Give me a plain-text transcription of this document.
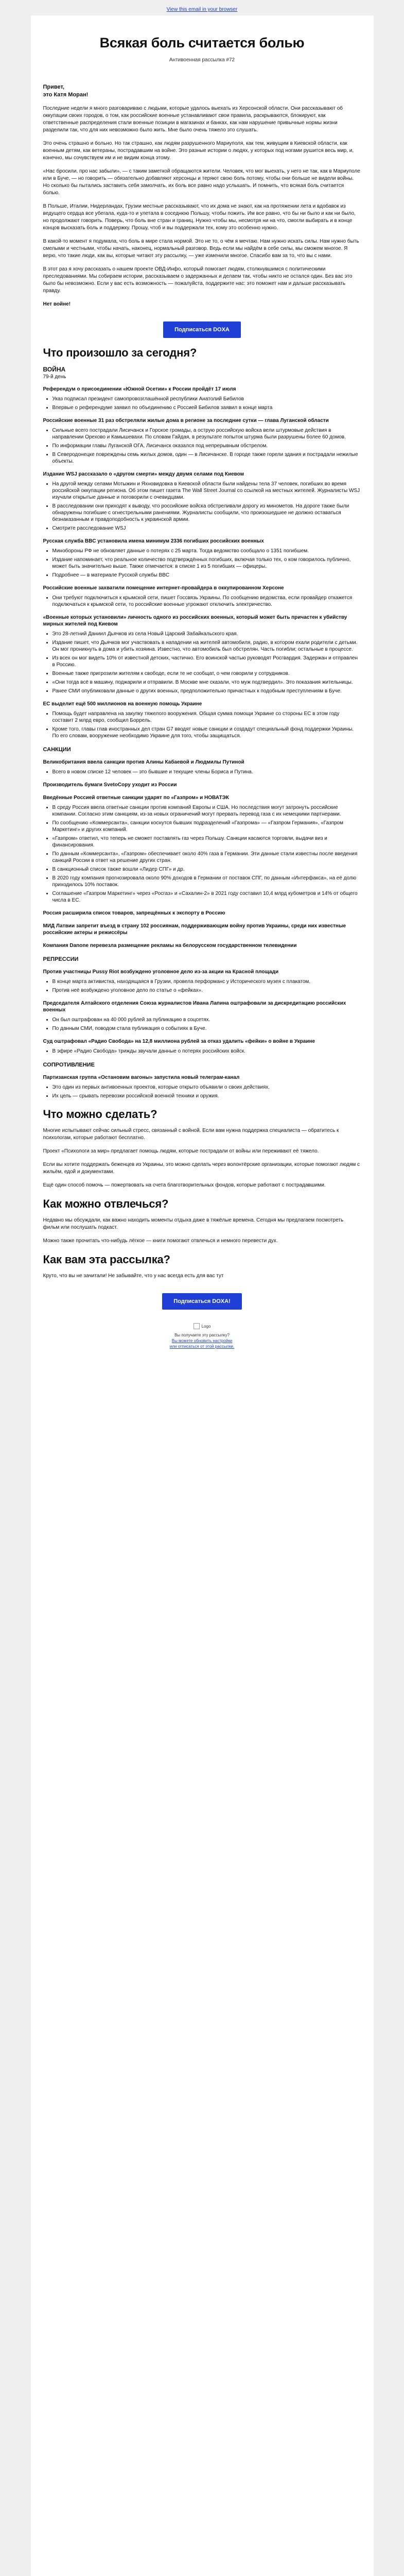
View this email in your browser
Всякая боль считается болью
Антивоенная рассылка #72

Привет,

это Катя Моран!

Последние недели я много разговариваю с людьми, которые удалось выехать из Херсонской области. Они рассказывают об оккупации своих городов, о том, как российские военные устанавливают свои правила, раскрываются, блокируют, как ответственные распределения стали военные позиции в магазинах и банках, как нам нарушение привычные нормы жизни разделили так, что для них невозможно было жить. Мне было очень тяжело это слушать.

Это очень страшно и больно. Но так страшно, как людям разрушенного Мариуполя, как тем, живущим в Киевской области, как военным детям, как ветераны, пострадавшим на войне. Это разные истории о людях, у которых под ногами рушится весь мир, и, конечно, мы сочувствуем им и не видим конца этому.

«Нас бросили, про нас забыли», — с таким заметкой обращаются жители. Человек, что мог выехать, у него не так, как в Мариуполе или в Буче, — но говорить — обязательно добавляют херсонцы и теряют свою боль потому, чтобы они больше не видели войны. Но сколько бы пытались заставить себя замолчать, их боль все равно надо услышать. И помнить, что всякая боль считается болью.

В Польше, Италии, Нидерландах, Грузии местные рассказывают, что их дома не знают, как на протяжении лета и вдобавок из ведущего сердца все убегала, куда-то и улетала в соседнюю Польшу, чтобы пожить. Им все равно, что бы ни было и как ни было, но продолжают говорить. Поверь, что боль вне стран и границ. Нужно чтобы мы, несмотря ни на что, смогли выбирать и в конце концов высказать боль и поддержку. Прошу, чтоб и вы поддержали тех, кому это особенно нужно.

В какой-то момент я подумала, что боль в мире стала нормой. Это не то, о чём я мечтаю. Нам нужно искать силы. Нам нужно быть смелыми и честными, чтобы начать, наконец, нормальный разговор. Ведь если мы найдём в себе силы, мы сможем многое. Я верю, что такие люди, как вы, которые читают эту рассылку, — уже изменили многое. Спасибо вам за то, что вы с нами.

В этот раз я хочу рассказать о нашем проекте ОВД-Инфо, который помогает людям, столкнувшимся с политическими преследованиями. Мы собираем истории, рассказываем о задержанных и делаем так, чтобы никто не остался один. Без вас это было бы невозможно. Если у вас есть возможность — пожалуйста, поддержите нас: это поможет нам и дальше рассказывать правду.

Нет войне!

Подписаться DOXA
Что произошло за сегодня?
ВОЙНА
79-й день
Референдум о присоединении «Южной Осетии» к России пройдёт 17 июля
• Указ подписал президент самопровозглашённой республики Анатолий Бибилов
• Впервые о референдуме заявил по объединению с Россией Бибилов заявил в конце марта
Российские военные 31 раз обстреляли жилые дома в регионе за последние сутки — глава Луганской области
• Сильные всего пострадали Лисичанск и Горское громады, а острую российскую войска вели штурмовые действия в направлении Орехово и Камышевахи. По словам Гайдая, в результате попыток штурма были разрушены более 60 домов.
• По информации главы Луганской ОГА, Лисичанск оказался под непрерывным обстрелом.
• В Северодонецке повреждены семь жилых домов, один — в Лисичанске. В городе также горели здания и пострадали нежилые объекты.
Издание WSJ рассказало о «другом смерти» между двумя селами под Киевом
• На другой между селами Мотыжин и Яхновидовка в Киевской области были найдены тела 37 человек, погибших во время российской оккупации региона. Об этом пишет газета The Wall Street Journal со ссылкой на местных жителей. Журналисты WSJ изучали открытые данные и поговорили с очевидцами.
• В расследовании они приходят к выводу, что российские войска обстреливали дорогу из минометов. На дороге также были обнаружены погибшие с огнестрельными ранениями. Журналисты сообщили, что произошедшее не должно оставаться безнаказанным и правдоподобность к украинской армии.
• Смотрите расследование WSJ
Русская служба BBC установила имена минимум 2336 погибших российских военных
• Минобороны РФ не обновляет данные о потерях с 25 марта. Тогда ведомство сообщало о 1351 погибшем.
• Издание напоминает, что реальное количество подтверждённых погибших, включая только тех, о ком говорилось публично, может быть значительно выше. Также отмечается: в списке 1 из 5 погибших — офицеры.
• Подробнее — в материале Русской службы BBC
Российские военные захватили помещение интернет-провайдера в оккупированном Херсоне
• Они требуют подключиться к крымской сети, пишет Госсвязь Украины. По сообщению ведомства, если провайдер откажется подключаться к крымской сети, то российские военные угрожают отключить электричество.
«Военные которых установили» личность одного из российских военных, который может быть причастен к убийству мирных жителей под Киевом
• Это 28-летний Даниил Дьячков из села Новый Царский Забайкальского края.
• Издание пишет, что Дьячков мог участвовать в нападении на жителей автомобиля, радио, в котором ехали родители с детьми. Он мог проникнуть в дома и убить хозяина. Известно, что автомобиль был обстрелян. Часть погибли; остальные в процессе.
• Из всех он мог видеть 10% от известной детских, частично. Его воинской частью руководят Росгвардия. Задержан и отправлен в Россию.
• Военные также пригрозили жителям к свободе, если те не сообщат, о чем говорили у сотрудников.
• «Они тогда всё в машину, поджарили и отправили. В Москве мне сказали, что муж подтвердил». Это показания жительницы.
• Ранее СМИ опубликовали данные о других военных, предположительно причастных к подобным преступлениям в Буче.
ЕС выделит ещё 500 миллионов на военную помощь Украине
• Помощь будет направлена на закупку тяжелого вооружения. Общая сумма помощи Украине со стороны ЕС в этом году составит 2 млрд евро, сообщил Боррель.
• Кроме того, главы глав иностранных дел стран G7 вводят новые санкции и создадут специальный фонд поддержки Украины. По его словам, вооружение необходимо Украине для того, чтобы защищаться.
САНКЦИИ
Великобритания ввела санкции против Алины Кабаевой и Людмилы Путиной
• Всего в новом списке 12 человек — это бывшие и текущие члены Бориса и Путина.
Производитель бумаги SvetoCopy уходит из России
Введённые Россией ответные санкции ударят по «Газпром» и НОВАТЭК
• В среду Россия ввела ответные санкции против компаний Европы и США. Но последствия могут затронуть российские компании. Согласно этим санкциям, из-за новых ограничений могут прервать перевод газа с их немецкими партнерами.
• По сообщению «Коммерсанта», санкции коснутся бывших подразделений «Газпрома» — «Газпром Германия», «Газпром Маркетинг» и других компаний.
• «Газпром» ответил, что теперь не сможет поставлять газ через Польшу. Санкции касаются торговли, выдачи виз и финансирования.
• По данным «Коммерсанта», «Газпром» обеспечивает около 40% газа в Германии. Эти данные стали известны после введения санкций России в ответ на решение других стран.
• В санкционный список также вошли «Лидер СПГ» и др.
• В 2020 году компания прогнозировала около 90% доходов в Германии от поставок СПГ, по данным «Интерфакса», на её долю приходилось 10% поставок.
• Соглашение «Газпром Маркетинг» через «Росгаз» и «Сахалин-2» в 2021 году составил 10,4 млрд кубометров и 14% от общего числа в ЕС.
Россия расширила список товаров, запрещённых к экспорту в Россию
МИД Латвии запретит въезд в страну 102 россиянам, поддерживающим войну против Украины, среди них известные российские актеры и режиссёры
Компания Danone перевезла размещение рекламы на белорусском государственном телевидении
РЕПРЕССИИ
Против участницы Pussy Riot возбуждено уголовное дело из-за акции на Красной площади
• В конце марта активистка, находящаяся в Грузии, провела перформанс у Исторического музея с плакатом.
• Против неё возбуждено уголовное дело по статье о «фейках».
Председателя Алтайского отделения Союза журналистов Ивана Лапина оштрафовали за дискредитацию российских военных
• Он был оштрафован на 40 000 рублей за публикацию в соцсетях.
• По данным СМИ, поводом стала публикация о событиях в Буче.
Суд оштрафовал «Радио Свобода» на 12,8 миллиона рублей за отказ удалить «фейки» о войне в Украине
• В эфире «Радио Свобода» трижды звучали данные о потерях российских войск.
СОПРОТИВЛЕНИЕ
Партизанская группа «Остановим вагоны» запустила новый телеграм-канал
• Это один из первых антивоенных проектов, которые открыто объявили о своих действиях.
• Их цель — срывать перевозки российской военной техники и оружия.
Что можно сделать?

Многие испытывают сейчас сильный стресс, связанный с войной. Если вам нужна поддержка специалиста — обратитесь к психологам, которые работают бесплатно.

Проект «Психологи за мир» предлагает помощь людям, которые пострадали от войны или переживают её тяжело.

Если вы хотите поддержать беженцев из Украины, это можно сделать через волонтёрские организации, которые помогают людям с жильём, едой и документами.

Ещё один способ помочь — пожертвовать на счета благотворительных фондов, которые работают с пострадавшими.

Как можно отвлечься?

Недавно мы обсуждали, как важно находить моменты отдыха даже в тяжёлые времена. Сегодня мы предлагаем посмотреть фильм или послушать подкаст.

Можно также прочитать что-нибудь лёгкое — книги помогают отвлечься и немного перевести дух.

Как вам эта рассылка?

Круто, что вы не зачитали! Не забывайте, что у нас всегда есть для вас тут

Подписаться DOXA!
Logo
Вы получаете эту рассылку?
Вы можете обновить настройки
или отписаться от этой рассылки.
